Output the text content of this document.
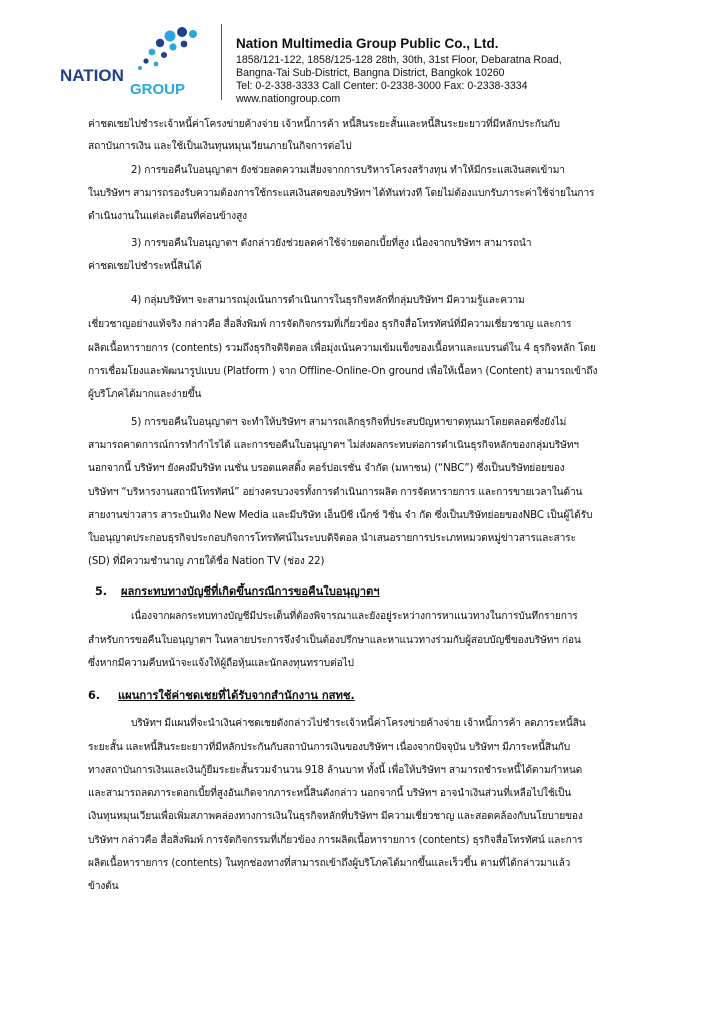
NATION
GROUP
Nation Multimedia Group Public Co., Ltd.
1858/121-122, 1858/125-128 28th, 30th, 31st Floor, Debaratna Road,
Bangna-Tai Sub-District, Bangna District, Bangkok 10260
Tel: 0-2-338-3333 Call Center: 0-2338-3000 Fax: 0-2338-3334
www.nationgroup.com
ค่าชดเชยไปชำระเจ้าหนี้ค่าโครงข่ายค้างจ่าย เจ้าหนี้การค้า หนี้สินระยะสั้นและหนี้สินระยะยาวที่มีหลักประกันกับ
สถาบันการเงิน และใช้เป็นเงินทุนหมุนเวียนภายในกิจการต่อไป
2) การขอคืนใบอนุญาตฯ ยังช่วยลดความเสี่ยงจากการบริหารโครงสร้างทุน ทำให้มีกระแสเงินสดเข้ามา
ในบริษัทฯ สามารถรองรับความต้องการใช้กระแสเงินสดของบริษัทฯ ได้ทันท่วงที โดยไม่ต้องแบกรับภาระค่าใช้จ่ายในการ
ดำเนินงานในแต่ละเดือนที่ค่อนข้างสูง
3) การขอคืนใบอนุญาตฯ ดังกล่าวยังช่วยลดค่าใช้จ่ายดอกเบี้ยที่สูง เนื่องจากบริษัทฯ สามารถนำ
ค่าชดเชยไปชำระหนี้สินได้
4) กลุ่มบริษัทฯ จะสามารถมุ่งเน้นการดำเนินการในธุรกิจหลักที่กลุ่มบริษัทฯ มีความรู้และความ
เชี่ยวชาญอย่างแท้จริง กล่าวคือ สื่อสิ่งพิมพ์ การจัดกิจกรรมที่เกี่ยวข้อง ธุรกิจสื่อโทรทัศน์ที่มีความเชี่ยวชาญ และการ
ผลิตเนื้อหารายการ (contents) รวมถึงธุรกิจดิจิตอล เพื่อมุ่งเน้นความเข้มแข็งของเนื้อหาและแบรนด์ใน 4 ธุรกิจหลัก โดย
การเชื่อมโยงและพัฒนารูปแบบ (Platform ) จาก Offline-Online-On ground เพื่อให้เนื้อหา (Content) สามารถเข้าถึง
ผู้บริโภคได้มากและง่ายขึ้น
5) การขอคืนใบอนุญาตฯ จะทำให้บริษัทฯ สามารถเลิกธุรกิจที่ประสบปัญหาขาดทุนมาโดยตลอดซึ่งยังไม่
สามารถคาดการณ์การทำกำไรได้ และการขอคืนใบอนุญาตฯ ไม่ส่งผลกระทบต่อการดำเนินธุรกิจหลักของกลุ่มบริษัทฯ
นอกจากนี้ บริษัทฯ ยังคงมีบริษัท เนชั่น บรอดแคสติ้ง คอร์ปอเรชั่น จำกัด (มหาชน) (“NBC”) ซึ่งเป็นบริษัทย่อยของ
บริษัทฯ “บริหารงานสถานีโทรทัศน์” อย่างครบวงจรทั้งการดำเนินการผลิต การจัดหารายการ และการขายเวลาในด้าน
สายงานข่าวสาร สาระบันเทิง New Media และมีบริษัท เอ็นบีซี เน็กซ์ วิชั่น จำ กัด ซึ่งเป็นบริษัทย่อยของNBC เป็นผู้ได้รับ
ใบอนุญาตประกอบธุรกิจประกอบกิจการโทรทัศน์ในระบบดิจิตอล นำเสนอรายการประเภทหมวดหมู่ข่าวสารและสาระ
(SD) ที่มีความชำนาญ ภายใต้ชื่อ Nation TV (ช่อง 22)
5. ผลกระทบทางบัญชีที่เกิดขึ้นกรณีการขอคืนใบอนุญาตฯ
เนื่องจากผลกระทบทางบัญชีมีประเด็นที่ต้องพิจารณาและยังอยู่ระหว่างการหาแนวทางในการบันทึกรายการ
สำหรับการขอคืนใบอนุญาตฯ ในหลายประการจึงจำเป็นต้องปรึกษาและหาแนวทางร่วมกับผู้สอบบัญชีของบริษัทฯ ก่อน
ซึ่งหากมีความคืบหน้าจะแจ้งให้ผู้ถือหุ้นและนักลงทุนทราบต่อไป
6. แผนการใช้ค่าชดเชยที่ได้รับจากสำนักงาน กสทช.
บริษัทฯ มีแผนที่จะนำเงินค่าชดเชยดังกล่าวไปชำระเจ้าหนี้ค่าโครงข่ายค้างจ่าย เจ้าหนี้การค้า ลดภาระหนี้สิน
ระยะสั้น และหนี้สินระยะยาวที่มีหลักประกันกับสถาบันการเงินของบริษัทฯ เนื่องจากปัจจุบัน บริษัทฯ มีภาระหนี้สินกับ
ทางสถาบันการเงินและเงินกู้ยืมระยะสั้นรวมจำนวน 918 ล้านบาท ทั้งนี้ เพื่อให้บริษัทฯ สามารถชำระหนี้ได้ตามกำหนด
และสามารถลดภาระดอกเบี้ยที่สูงอันเกิดจากภาระหนี้สินดังกล่าว นอกจากนี้ บริษัทฯ อาจนำเงินส่วนที่เหลือไปใช้เป็น
เงินทุนหมุนเวียนเพื่อเพิ่มสภาพคล่องทางการเงินในธุรกิจหลักที่บริษัทฯ มีความเชี่ยวชาญ และสอดคล้องกับนโยบายของ
บริษัทฯ กล่าวคือ สื่อสิ่งพิมพ์ การจัดกิจกรรมที่เกี่ยวข้อง การผลิตเนื้อหารายการ (contents) ธุรกิจสื่อโทรทัศน์ และการ
ผลิตเนื้อหารายการ (contents) ในทุกช่องทางที่สามารถเข้าถึงผู้บริโภคได้มากขึ้นและเร็วขึ้น ตามที่ได้กล่าวมาแล้ว
ข้างต้น
